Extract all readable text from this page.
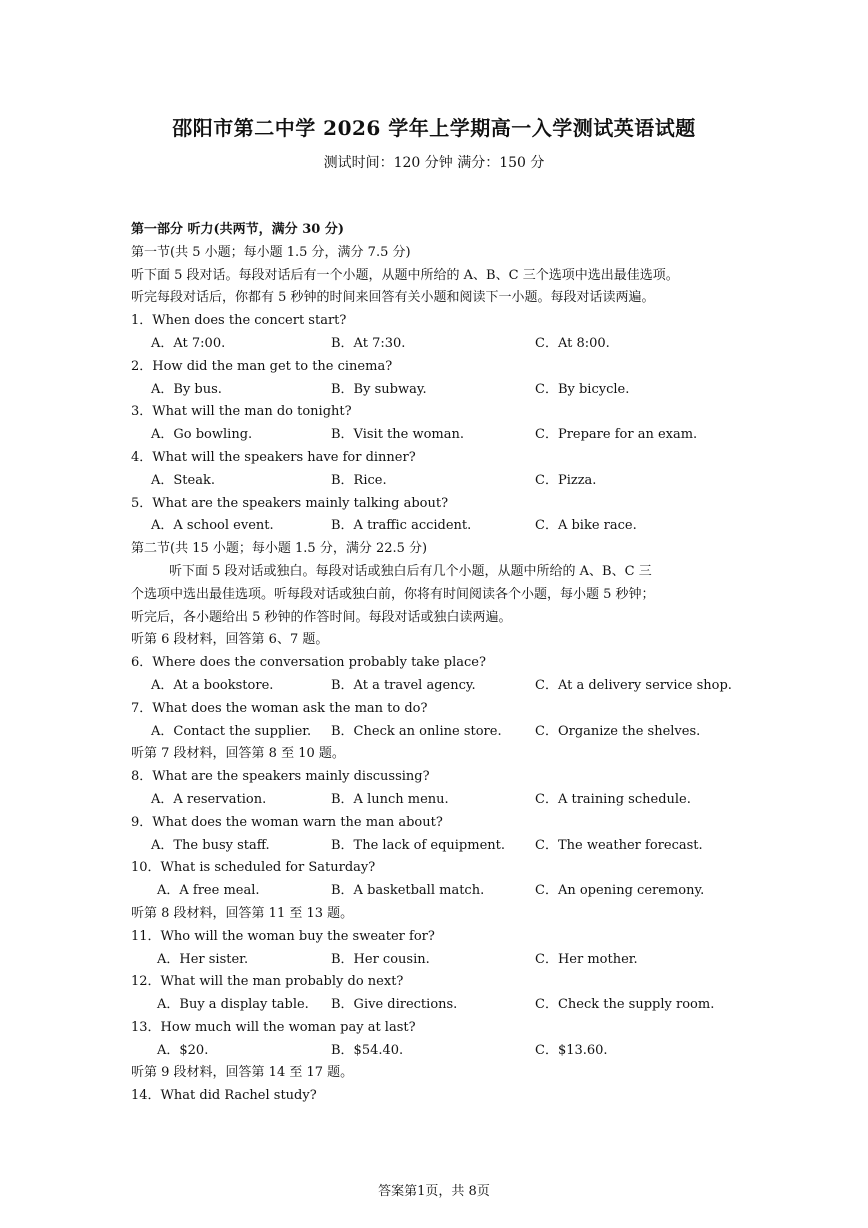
邵阳市第二中学 2026 学年上学期高一入学测试英语试题
测试时间：120 分钟 满分：150 分
第一部分 听力(共两节，满分 30 分)
第一节(共 5 小题；每小题 1.5 分，满分 7.5 分)
听下面 5 段对话。每段对话后有一个小题，从题中所给的 A、B、C 三个选项中选出最佳选项。
听完每段对话后，你都有 5 秒钟的时间来回答有关小题和阅读下一小题。每段对话读两遍。
1．When does the concert start?
A．At 7:00.	B．At 7:30.	C．At 8:00.
2．How did the man get to the cinema?
A．By bus.	B．By subway.	C．By bicycle.
3．What will the man do tonight?
A．Go bowling.	B．Visit the woman.	C．Prepare for an exam.
4．What will the speakers have for dinner?
A．Steak.	B．Rice.	C．Pizza.
5．What are the speakers mainly talking about?
A．A school event.	B．A traffic accident.	C．A bike race.
第二节(共 15 小题；每小题 1.5 分，满分 22.5 分)
听下面 5 段对话或独白。每段对话或独白后有几个小题，从题中所给的 A、B、C 三
个选项中选出最佳选项。听每段对话或独白前，你将有时间阅读各个小题，每小题 5 秒钟；
听完后，各小题给出 5 秒钟的作答时间。每段对话或独白读两遍。
听第 6 段材料，回答第 6、7 题。
6．Where does the conversation probably take place?
A．At a bookstore.	B．At a travel agency.	C．At a delivery service shop.
7．What does the woman ask the man to do?
A．Contact the supplier. B．Check an online store.	C．Organize the shelves.
听第 7 段材料，回答第 8 至 10 题。
8．What are the speakers mainly discussing?
A．A reservation.	B．A lunch menu.	C．A training schedule.
9．What does the woman warn the man about?
A．The busy staff.	B．The lack of equipment. C．The weather forecast.
10．What is scheduled for Saturday?
A．A free meal.	B．A basketball match.	C．An opening ceremony.
听第 8 段材料，回答第 11 至 13 题。
11．Who will the woman buy the sweater for?
A．Her sister.	B．Her cousin.	C．Her mother.
12．What will the man probably do next?
A．Buy a display table. B．Give directions.	C．Check the supply room.
13．How much will the woman pay at last?
A．$20.	B．$54.40.	C．$13.60.
听第 9 段材料，回答第 14 至 17 题。
14．What did Rachel study?
答案第1页，共 8页
